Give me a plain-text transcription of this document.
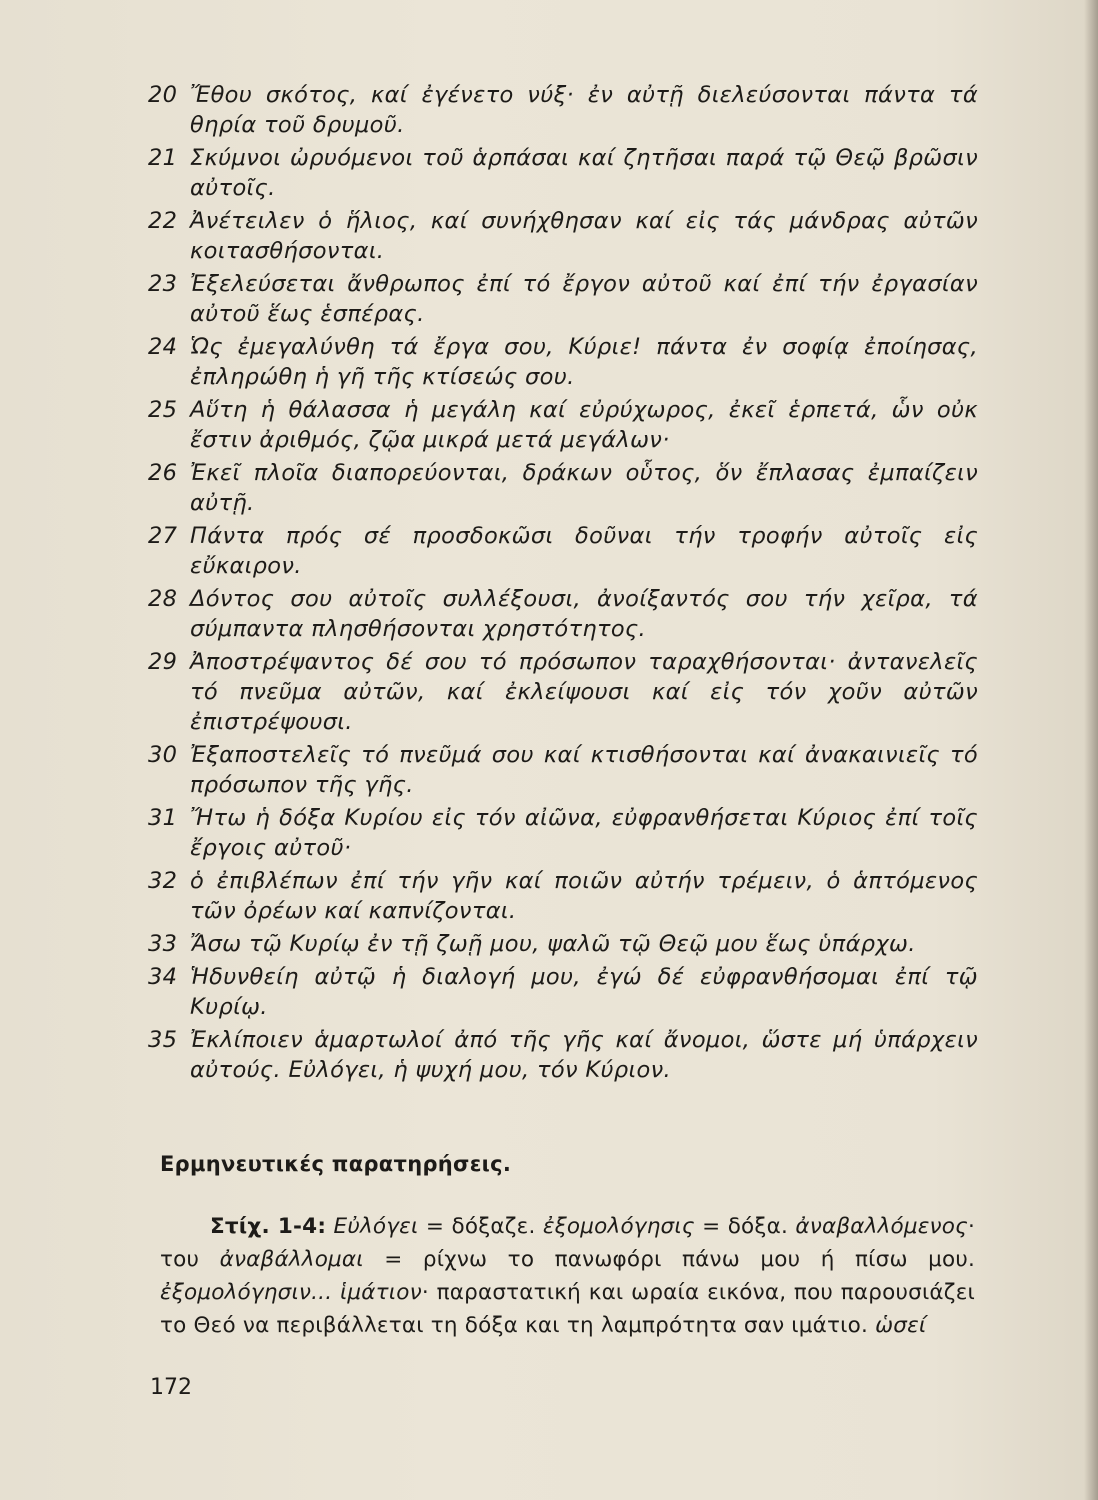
20 Ἔθου σκότος, καί ἐγένετο νύξ· ἐν αὐτῇ διελεύσονται πάντα τά θηρία τοῦ δρυμοῦ.
21 Σκύμνοι ὠρυόμενοι τοῦ ἁρπάσαι καί ζητῆσαι παρά τῷ Θεῷ βρῶσιν αὐτοῖς.
22 Ἀνέτειλεν ὁ ἥλιος, καί συνήχθησαν καί εἰς τάς μάνδρας αὐτῶν κοιτασθήσονται.
23 Ἐξελεύσεται ἄνθρωπος ἐπί τό ἔργον αὐτοῦ καί ἐπί τήν ἐργασίαν αὐτοῦ ἕως ἑσπέρας.
24 Ὡς ἐμεγαλύνθη τά ἔργα σου, Κύριε! πάντα ἐν σοφίᾳ ἐποίησας, ἐπληρώθη ἡ γῆ τῆς κτίσεώς σου.
25 Αὕτη ἡ θάλασσα ἡ μεγάλη καί εὐρύχωρος, ἐκεῖ ἑρπετά, ὧν οὐκ ἔστιν ἀριθμός, ζῷα μικρά μετά μεγάλων·
26 Ἐκεῖ πλοῖα διαπορεύονται, δράκων οὗτος, ὅν ἔπλασας ἐμπαίζειν αὐτῇ.
27 Πάντα πρός σέ προσδοκῶσι δοῦναι τήν τροφήν αὐτοῖς εἰς εὔκαιρον.
28 Δόντος σου αὐτοῖς συλλέξουσι, ἀνοίξαντός σου τήν χεῖρα, τά σύμπαντα πλησθήσονται χρηστότητος.
29 Ἀποστρέψαντος δέ σου τό πρόσωπον ταραχθήσονται· ἀντανελεῖς τό πνεῦμα αὐτῶν, καί ἐκλείψουσι καί εἰς τόν χοῦν αὐτῶν ἐπιστρέψουσι.
30 Ἐξαποστελεῖς τό πνεῦμά σου καί κτισθήσονται καί ἀνακαινιεῖς τό πρόσωπον τῆς γῆς.
31 Ἤτω ἡ δόξα Κυρίου εἰς τόν αἰῶνα, εὐφρανθήσεται Κύριος ἐπί τοῖς ἔργοις αὐτοῦ·
32 ὁ ἐπιβλέπων ἐπί τήν γῆν καί ποιῶν αὐτήν τρέμειν, ὁ ἁπτόμενος τῶν ὀρέων καί καπνίζονται.
33 Ἄσω τῷ Κυρίῳ ἐν τῇ ζωῇ μου, ψαλῶ τῷ Θεῷ μου ἕως ὑπάρχω.
34 Ἡδυνθείη αὐτῷ ἡ διαλογή μου, ἐγώ δέ εὐφρανθήσομαι ἐπί τῷ Κυρίῳ.
35 Ἐκλίποιεν ἁμαρτωλοί ἀπό τῆς γῆς καί ἄνομοι, ὥστε μή ὑπάρχειν αὐτούς. Εὐλόγει, ἡ ψυχή μου, τόν Κύριον.
Ερμηνευτικές παρατηρήσεις.
Στίχ. 1-4: Εὐλόγει = δόξαζε. ἐξομολόγησις = δόξα. ἀναβαλλόμενος· του ἀναβάλλομαι = ρίχνω το πανωφόρι πάνω μου ή πίσω μου. ἐξομολόγησιν... ἱμάτιον· παραστατική και ωραία εικόνα, που παρουσιάζει το Θεό να περιβάλλεται τη δόξα και τη λαμπρότητα σαν ιμάτιο. ὡσεί
172
